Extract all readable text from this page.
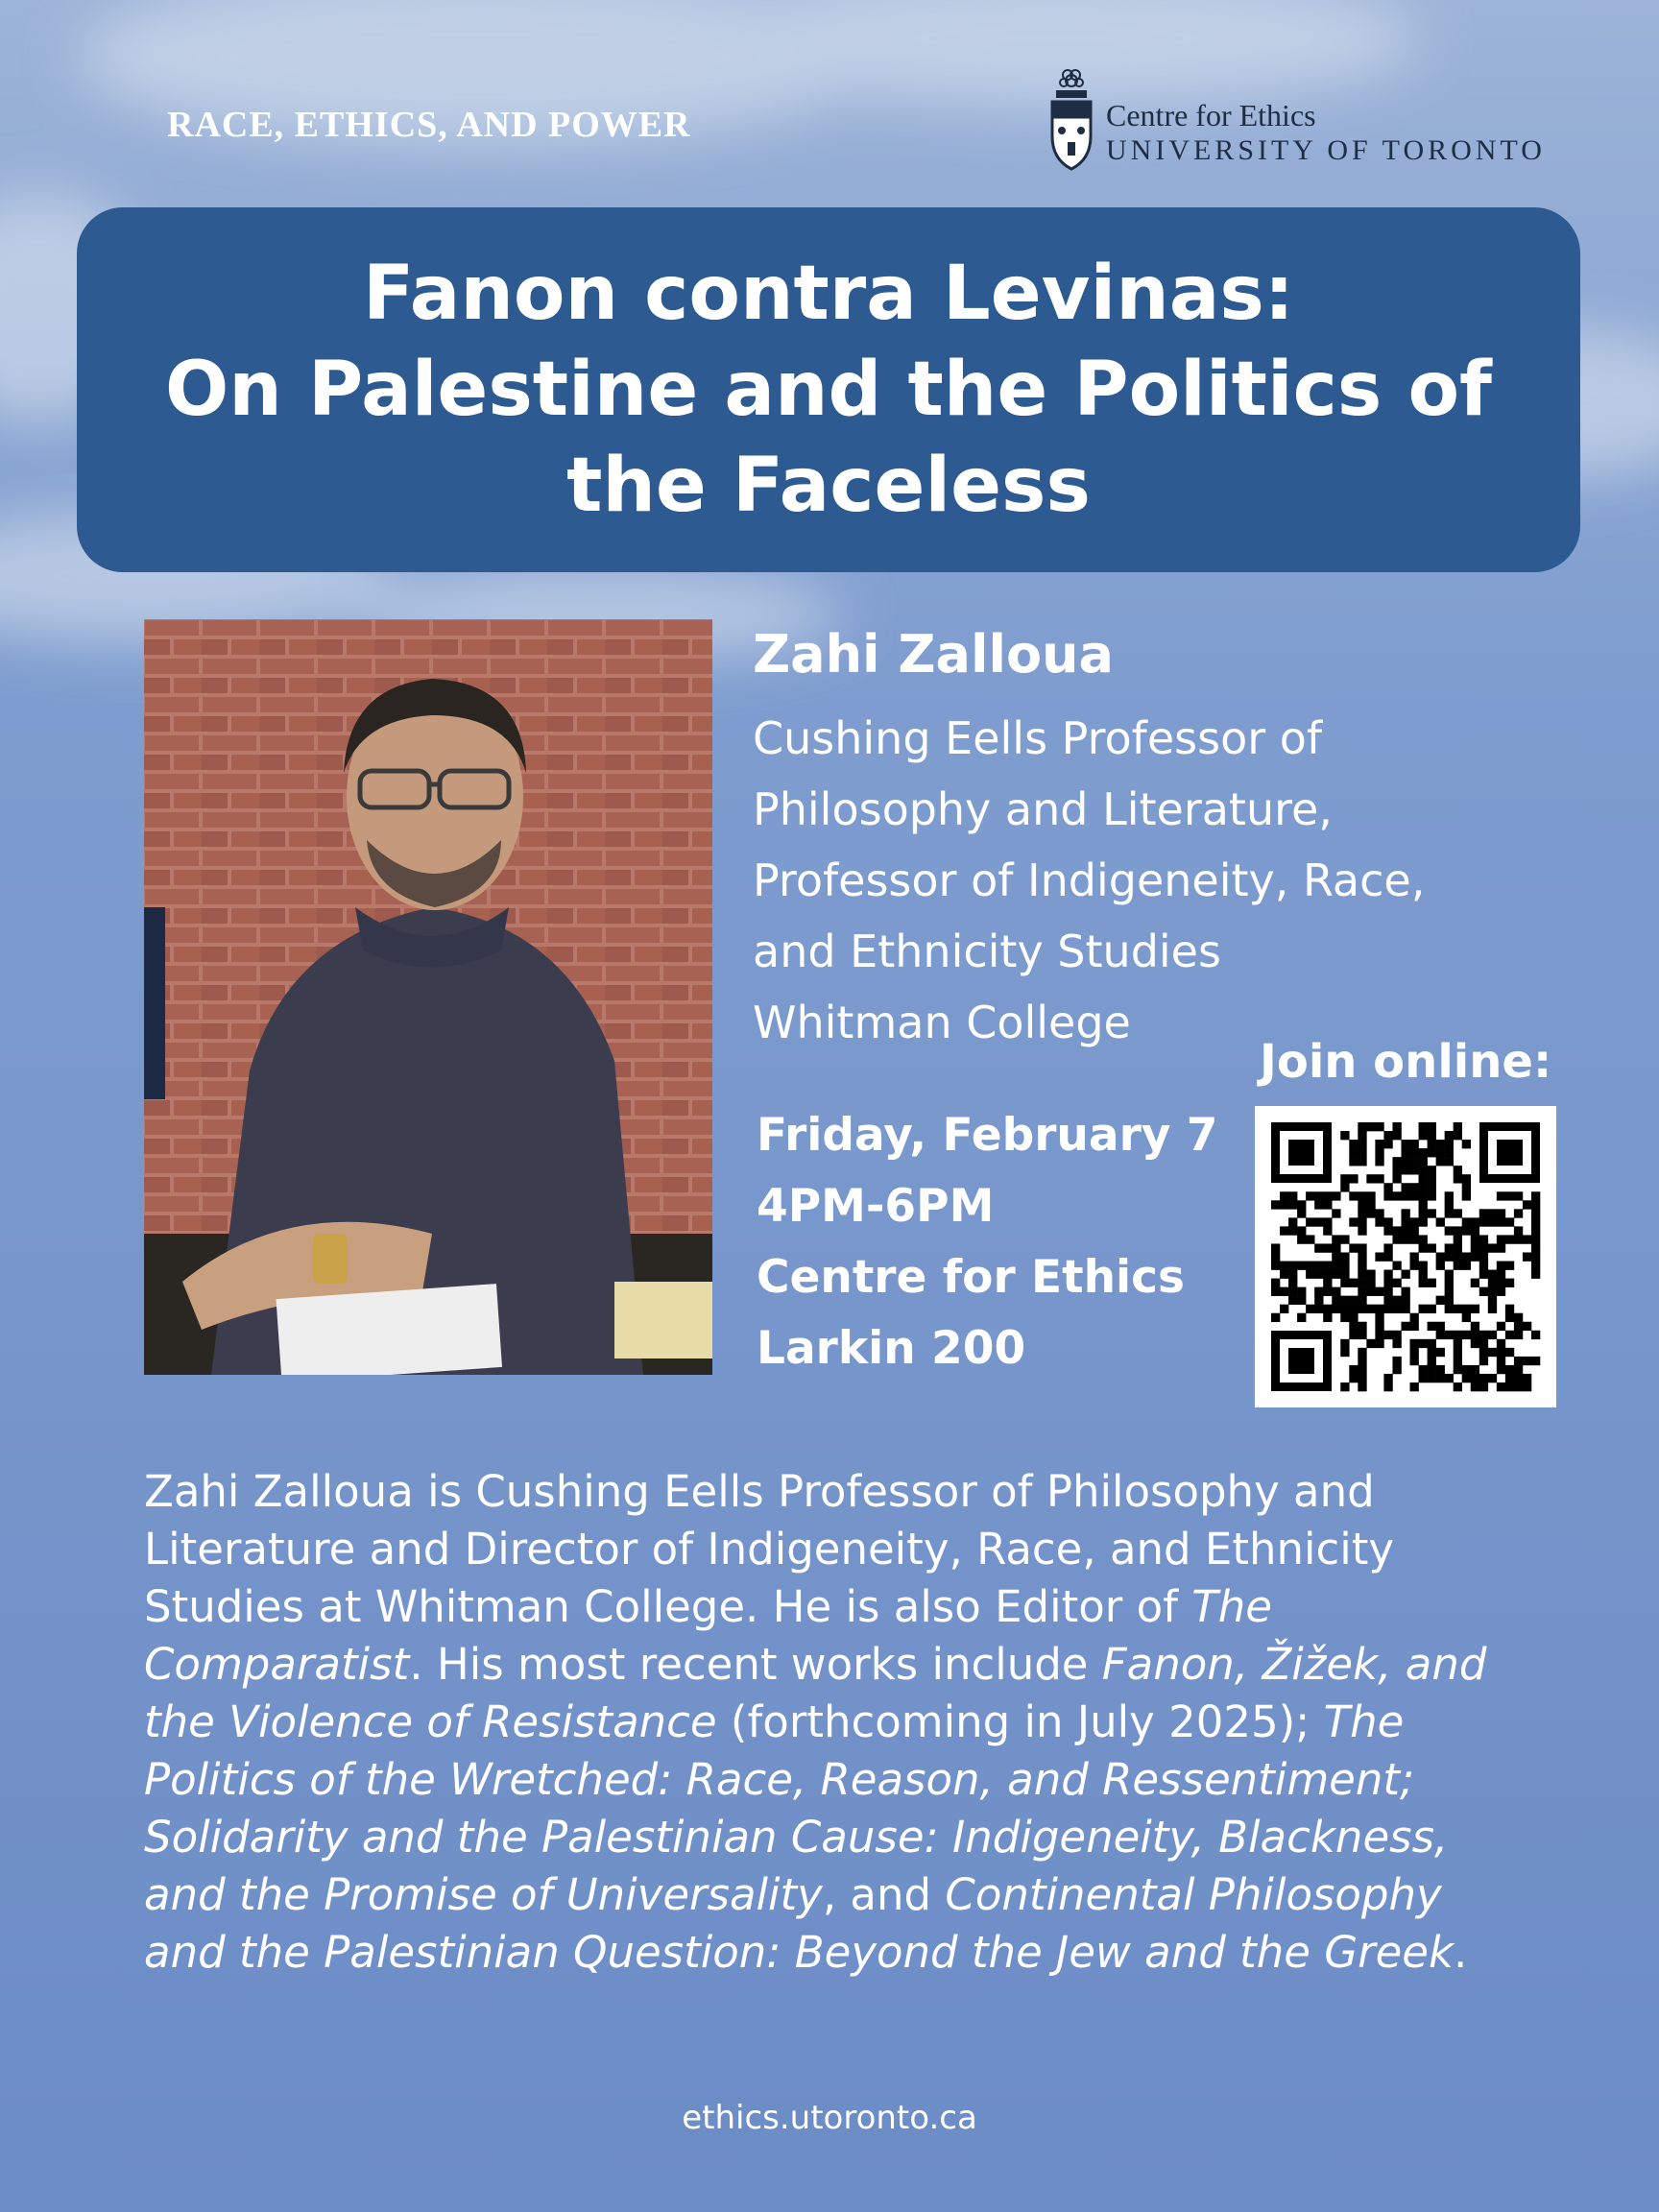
RACE, ETHICS, AND POWER	Centre for Ethics
UNIVERSITY OF TORONTO
Fanon contra Levinas:
On Palestine and the Politics of
the Faceless
Zahi Zalloua
Cushing Eells Professor of
Philosophy and Literature,
Professor of Indigeneity, Race,
and Ethnicity Studies
Whitman College
Friday, February 7
4PM-6PM
Centre for Ethics
Larkin 200
Join online:

Zahi Zalloua is Cushing Eells Professor of Philosophy and Literature and Director of Indigeneity, Race, and Ethnicity Studies at Whitman College. He is also Editor of The Comparatist. His most recent works include Fanon, Žižek, and the Violence of Resistance (forthcoming in July 2025); The Politics of the Wretched: Race, Reason, and Ressentiment; Solidarity and the Palestinian Cause: Indigeneity, Blackness, and the Promise of Universality, and Continental Philosophy and the Palestinian Question: Beyond the Jew and the Greek.

ethics.utoronto.ca
